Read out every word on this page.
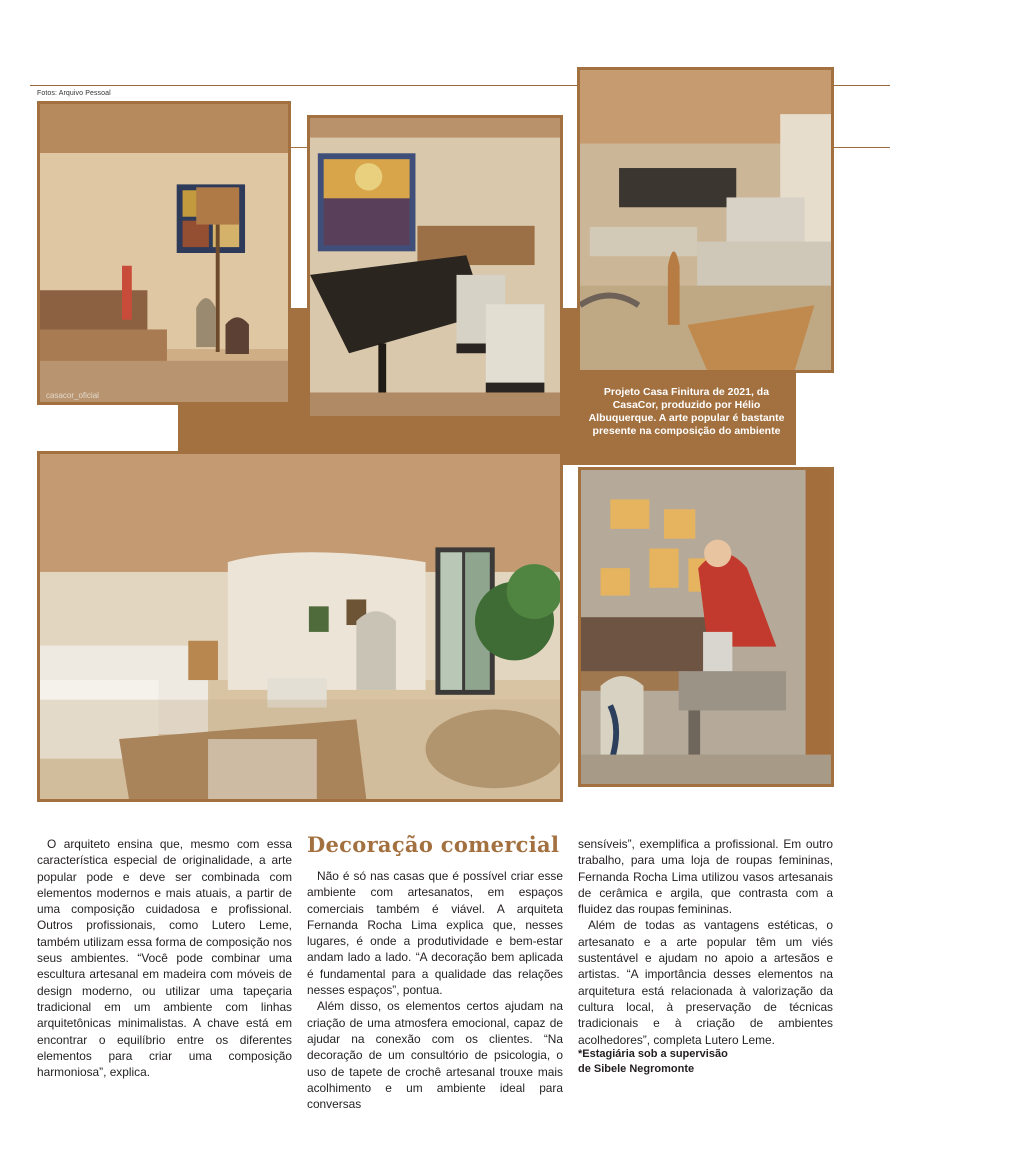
Fotos: Arquivo Pessoal
casacor_oficial	Projeto Casa Finitura de 2021, da CasaCor, produzido por Hélio Albuquerque. A arte popular é bastante presente na composição do ambiente

O arquiteto ensina que, mesmo com essa característica especial de originalidade, a arte popular pode e deve ser combinada com elementos modernos e mais atuais, a partir de uma composição cuidadosa e profissional. Outros profissionais, como Lutero Leme, também utilizam essa forma de composição nos seus ambientes. “Você pode combinar uma escultura artesanal em madeira com móveis de design moderno, ou utilizar uma tapeçaria tradicional em um ambiente com linhas arquitetônicas minimalistas. A chave está em encontrar o equilíbrio entre os diferentes elementos para criar uma composição harmoniosa”, explica.

Decoração comercial

Não é só nas casas que é possível criar esse ambiente com artesanatos, em espaços comerciais também é viável. A arquiteta Fernanda Rocha Lima explica que, nesses lugares, é onde a produtividade e bem-estar andam lado a lado. “A decoração bem aplicada é fundamental para a qualidade das relações nesses espaços”, pontua.

Além disso, os elementos certos ajudam na criação de uma atmosfera emocional, capaz de ajudar na conexão com os clientes. “Na decoração de um consultório de psicologia, o uso de tapete de crochê artesanal trouxe mais acolhimento e um ambiente ideal para conversas

sensíveis”, exemplifica a profissional. Em outro trabalho, para uma loja de roupas femininas, Fernanda Rocha Lima utilizou vasos artesanais de cerâmica e argila, que contrasta com a fluidez das roupas femininas.

Além de todas as vantagens estéticas, o artesanato e a arte popular têm um viés sustentável e ajudam no apoio a artesãos e artistas. “A importância desses elementos na arquitetura está relacionada à valorização da cultura local, à preservação de técnicas tradicionais e à criação de ambientes acolhedores”, completa Lutero Leme.

*Estagiária sob a supervisão
de Sibele Negromonte
